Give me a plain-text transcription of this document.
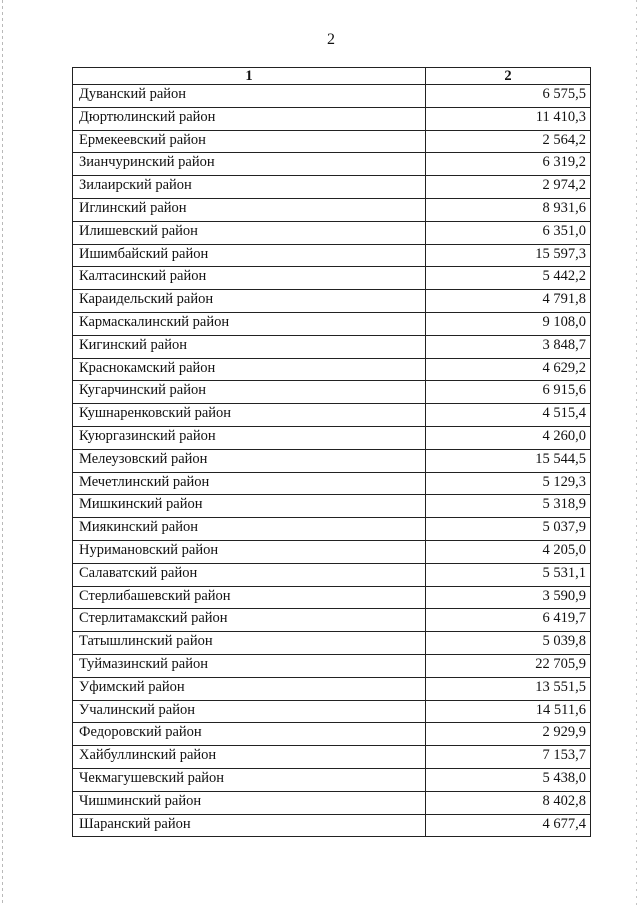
2
1	2
Дуванский район	6 575,5
Дюртюлинский район	11 410,3
Ермекеевский район	2 564,2
Зианчуринский район	6 319,2
Зилаирский район	2 974,2
Иглинский район	8 931,6
Илишевский район	6 351,0
Ишимбайский район	15 597,3
Калтасинский район	5 442,2
Караидельский район	4 791,8
Кармаскалинский район	9 108,0
Кигинский район	3 848,7
Краснокамский район	4 629,2
Кугарчинский район	6 915,6
Кушнаренковский район	4 515,4
Куюргазинский район	4 260,0
Мелеузовский район	15 544,5
Мечетлинский район	5 129,3
Мишкинский район	5 318,9
Миякинский район	5 037,9
Нуримановский район	4 205,0
Салаватский район	5 531,1
Стерлибашевский район	3 590,9
Стерлитамакский район	6 419,7
Татышлинский район	5 039,8
Туймазинский район	22 705,9
Уфимский район	13 551,5
Учалинский район	14 511,6
Федоровский район	2 929,9
Хайбуллинский район	7 153,7
Чекмагушевский район	5 438,0
Чишминский район	8 402,8
Шаранский район	4 677,4
